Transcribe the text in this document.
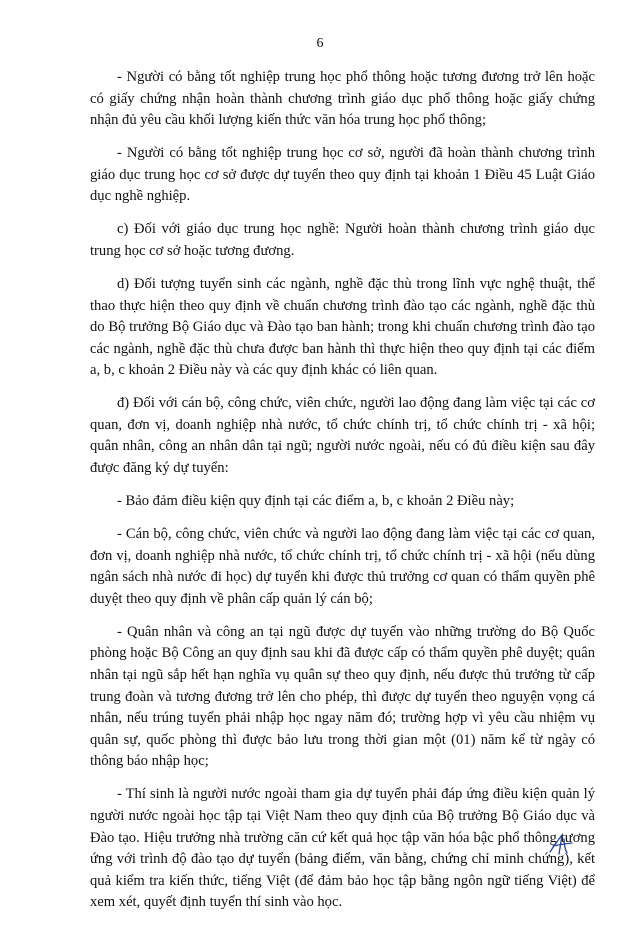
6

- Người có bằng tốt nghiệp trung học phổ thông hoặc tương đương trở lên hoặc có giấy chứng nhận hoàn thành chương trình giáo dục phổ thông hoặc giấy chứng nhận đủ yêu cầu khối lượng kiến thức văn hóa trung học phổ thông;

- Người có bằng tốt nghiệp trung học cơ sở, người đã hoàn thành chương trình giáo dục trung học cơ sở được dự tuyển theo quy định tại khoản 1 Điều 45 Luật Giáo dục nghề nghiệp.

c) Đối với giáo dục trung học nghề: Người hoàn thành chương trình giáo dục trung học cơ sở hoặc tương đương.

d) Đối tượng tuyển sinh các ngành, nghề đặc thù trong lĩnh vực nghệ thuật, thể thao thực hiện theo quy định về chuẩn chương trình đào tạo các ngành, nghề đặc thù do Bộ trưởng Bộ Giáo dục và Đào tạo ban hành; trong khi chuẩn chương trình đào tạo các ngành, nghề đặc thù chưa được ban hành thì thực hiện theo quy định tại các điểm a, b, c khoản 2 Điều này và các quy định khác có liên quan.

đ) Đối với cán bộ, công chức, viên chức, người lao động đang làm việc tại các cơ quan, đơn vị, doanh nghiệp nhà nước, tổ chức chính trị, tổ chức chính trị - xã hội; quân nhân, công an nhân dân tại ngũ; người nước ngoài, nếu có đủ điều kiện sau đây được đăng ký dự tuyển:

- Bảo đảm điều kiện quy định tại các điểm a, b, c khoản 2 Điều này;

- Cán bộ, công chức, viên chức và người lao động đang làm việc tại các cơ quan, đơn vị, doanh nghiệp nhà nước, tổ chức chính trị, tổ chức chính trị - xã hội (nếu dùng ngân sách nhà nước đi học) dự tuyển khi được thủ trưởng cơ quan có thẩm quyền phê duyệt theo quy định về phân cấp quản lý cán bộ;

- Quân nhân và công an tại ngũ được dự tuyển vào những trường do Bộ Quốc phòng hoặc Bộ Công an quy định sau khi đã được cấp có thẩm quyền phê duyệt; quân nhân tại ngũ sắp hết hạn nghĩa vụ quân sự theo quy định, nếu được thủ trưởng từ cấp trung đoàn và tương đương trở lên cho phép, thì được dự tuyển theo nguyện vọng cá nhân, nếu trúng tuyển phải nhập học ngay năm đó; trường hợp vì yêu cầu nhiệm vụ quân sự, quốc phòng thì được bảo lưu trong thời gian một (01) năm kể từ ngày có thông báo nhập học;

- Thí sinh là người nước ngoài tham gia dự tuyển phải đáp ứng điều kiện quản lý người nước ngoài học tập tại Việt Nam theo quy định của Bộ trưởng Bộ Giáo dục và Đào tạo. Hiệu trưởng nhà trường căn cứ kết quả học tập văn hóa bậc phổ thông tương ứng với trình độ đào tạo dự tuyển (bảng điểm, văn bằng, chứng chỉ minh chứng), kết quả kiểm tra kiến thức, tiếng Việt (để đảm bảo học tập bằng ngôn ngữ tiếng Việt) để xem xét, quyết định tuyển thí sinh vào học.
